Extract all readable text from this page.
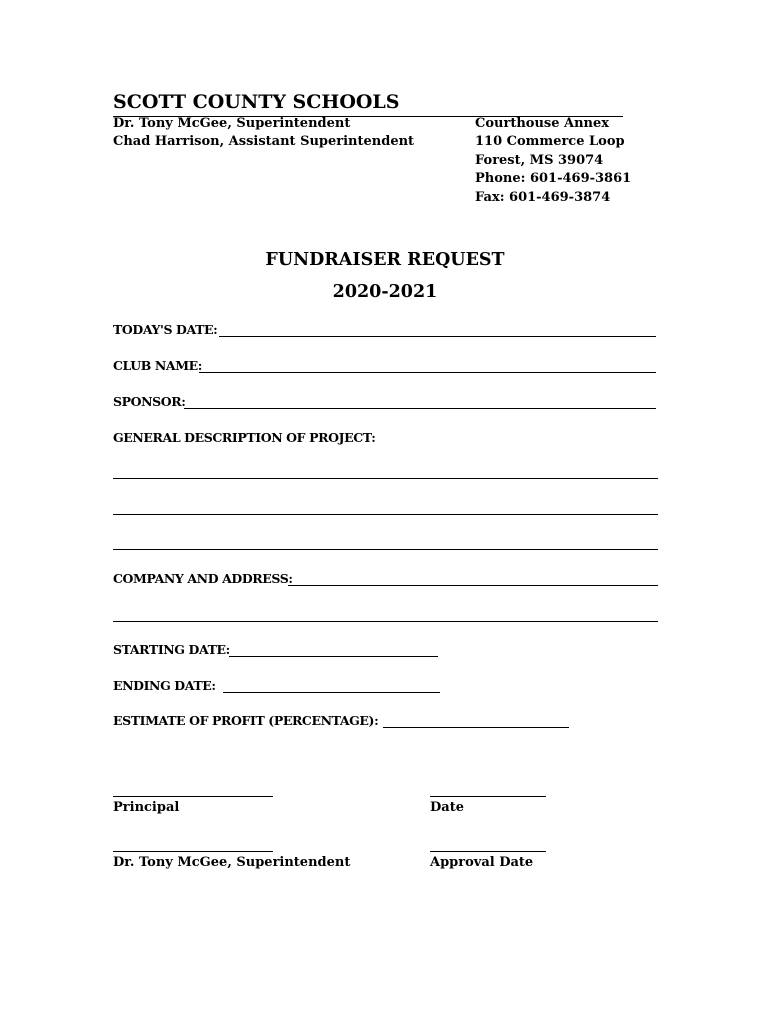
SCOTT COUNTY SCHOOLS
Dr. Tony McGee, Superintendent
Chad Harrison, Assistant Superintendent
Courthouse Annex
110 Commerce Loop
Forest, MS 39074
Phone: 601-469-3861
Fax: 601-469-3874
FUNDRAISER REQUEST
2020-2021
TODAY'S DATE:
CLUB NAME:
SPONSOR:
GENERAL DESCRIPTION OF PROJECT:
COMPANY AND ADDRESS:
STARTING DATE:
ENDING DATE:
ESTIMATE OF PROFIT (PERCENTAGE):
Principal	Date
Dr. Tony McGee, Superintendent	Approval Date
